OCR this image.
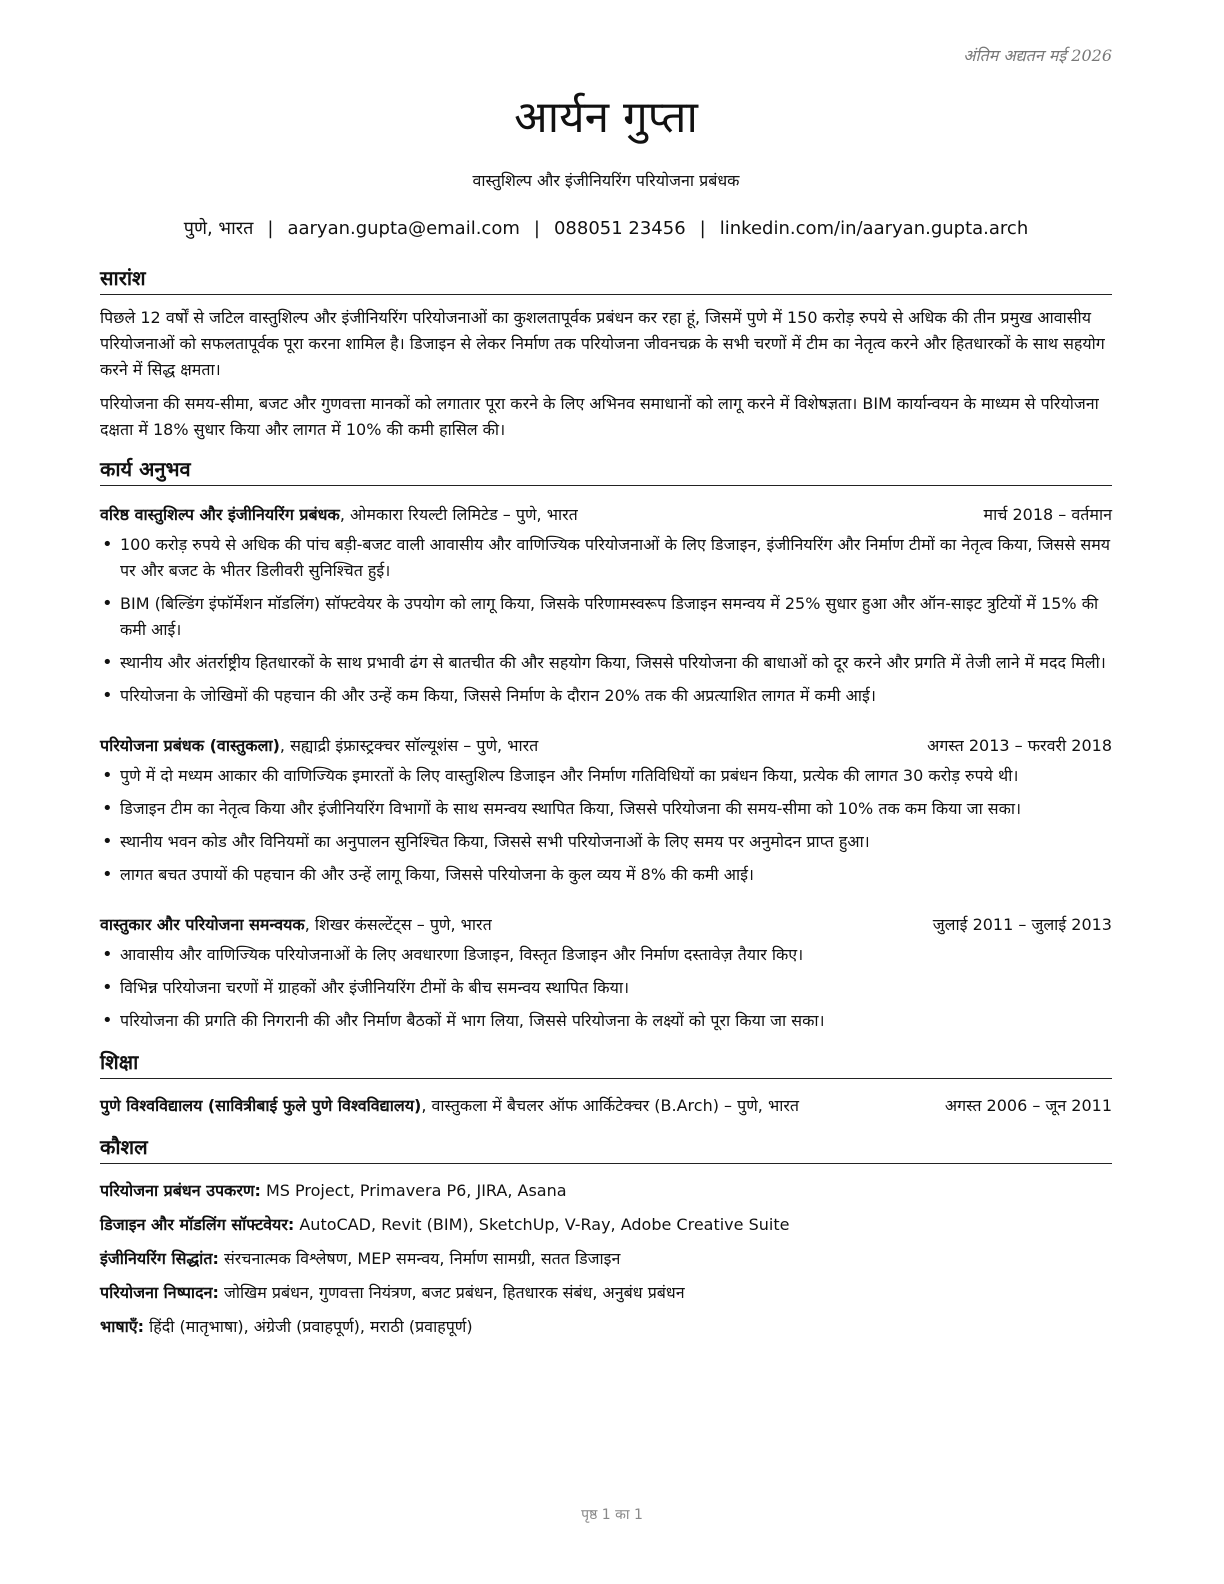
अंतिम अद्यतन मई 2026
आर्यन गुप्ता
वास्तुशिल्प और इंजीनियरिंग परियोजना प्रबंधक
पुणे, भारत | aaryan.gupta@email.com | 088051 23456 | linkedin.com/in/aaryan.gupta.arch
सारांश

पिछले 12 वर्षों से जटिल वास्तुशिल्प और इंजीनियरिंग परियोजनाओं का कुशलतापूर्वक प्रबंधन कर रहा हूं, जिसमें पुणे में 150 करोड़ रुपये से अधिक की तीन प्रमुख आवासीय परियोजनाओं को सफलतापूर्वक पूरा करना शामिल है। डिजाइन से लेकर निर्माण तक परियोजना जीवनचक्र के सभी चरणों में टीम का नेतृत्व करने और हितधारकों के साथ सहयोग करने में सिद्ध क्षमता।

परियोजना की समय-सीमा, बजट और गुणवत्ता मानकों को लगातार पूरा करने के लिए अभिनव समाधानों को लागू करने में विशेषज्ञता। BIM कार्यान्वयन के माध्यम से परियोजना दक्षता में 18% सुधार किया और लागत में 10% की कमी हासिल की।

कार्य अनुभव
वरिष्ठ वास्तुशिल्प और इंजीनियरिंग प्रबंधक, ओमकारा रियल्टी लिमिटेड – पुणे, भारत	मार्च 2018 – वर्तमान
• 100 करोड़ रुपये से अधिक की पांच बड़ी-बजट वाली आवासीय और वाणिज्यिक परियोजनाओं के लिए डिजाइन, इंजीनियरिंग और निर्माण टीमों का नेतृत्व किया, जिससे समय पर और बजट के भीतर डिलीवरी सुनिश्चित हुई।
• BIM (बिल्डिंग इंफॉर्मेशन मॉडलिंग) सॉफ्टवेयर के उपयोग को लागू किया, जिसके परिणामस्वरूप डिजाइन समन्वय में 25% सुधार हुआ और ऑन-साइट त्रुटियों में 15% की कमी आई।
• स्थानीय और अंतर्राष्ट्रीय हितधारकों के साथ प्रभावी ढंग से बातचीत की और सहयोग किया, जिससे परियोजना की बाधाओं को दूर करने और प्रगति में तेजी लाने में मदद मिली।
• परियोजना के जोखिमों की पहचान की और उन्हें कम किया, जिससे निर्माण के दौरान 20% तक की अप्रत्याशित लागत में कमी आई।
परियोजना प्रबंधक (वास्तुकला), सह्याद्री इंफ्रास्ट्रक्चर सॉल्यूशंस – पुणे, भारत	अगस्त 2013 – फरवरी 2018
• पुणे में दो मध्यम आकार की वाणिज्यिक इमारतों के लिए वास्तुशिल्प डिजाइन और निर्माण गतिविधियों का प्रबंधन किया, प्रत्येक की लागत 30 करोड़ रुपये थी।
• डिजाइन टीम का नेतृत्व किया और इंजीनियरिंग विभागों के साथ समन्वय स्थापित किया, जिससे परियोजना की समय-सीमा को 10% तक कम किया जा सका।
• स्थानीय भवन कोड और विनियमों का अनुपालन सुनिश्चित किया, जिससे सभी परियोजनाओं के लिए समय पर अनुमोदन प्राप्त हुआ।
• लागत बचत उपायों की पहचान की और उन्हें लागू किया, जिससे परियोजना के कुल व्यय में 8% की कमी आई।
वास्तुकार और परियोजना समन्वयक, शिखर कंसल्टेंट्स – पुणे, भारत	जुलाई 2011 – जुलाई 2013
• आवासीय और वाणिज्यिक परियोजनाओं के लिए अवधारणा डिजाइन, विस्तृत डिजाइन और निर्माण दस्तावेज़ तैयार किए।
• विभिन्न परियोजना चरणों में ग्राहकों और इंजीनियरिंग टीमों के बीच समन्वय स्थापित किया।
• परियोजना की प्रगति की निगरानी की और निर्माण बैठकों में भाग लिया, जिससे परियोजना के लक्ष्यों को पूरा किया जा सका।
शिक्षा
पुणे विश्वविद्यालय (सावित्रीबाई फुले पुणे विश्वविद्यालय), वास्तुकला में बैचलर ऑफ आर्किटेक्चर (B.Arch) – पुणे, भारत	अगस्त 2006 – जून 2011
कौशल

परियोजना प्रबंधन उपकरण: MS Project, Primavera P6, JIRA, Asana

डिजाइन और मॉडलिंग सॉफ्टवेयर: AutoCAD, Revit (BIM), SketchUp, V-Ray, Adobe Creative Suite

इंजीनियरिंग सिद्धांत: संरचनात्मक विश्लेषण, MEP समन्वय, निर्माण सामग्री, सतत डिजाइन

परियोजना निष्पादन: जोखिम प्रबंधन, गुणवत्ता नियंत्रण, बजट प्रबंधन, हितधारक संबंध, अनुबंध प्रबंधन

भाषाएँ: हिंदी (मातृभाषा), अंग्रेजी (प्रवाहपूर्ण), मराठी (प्रवाहपूर्ण)

पृष्ठ 1 का 1
